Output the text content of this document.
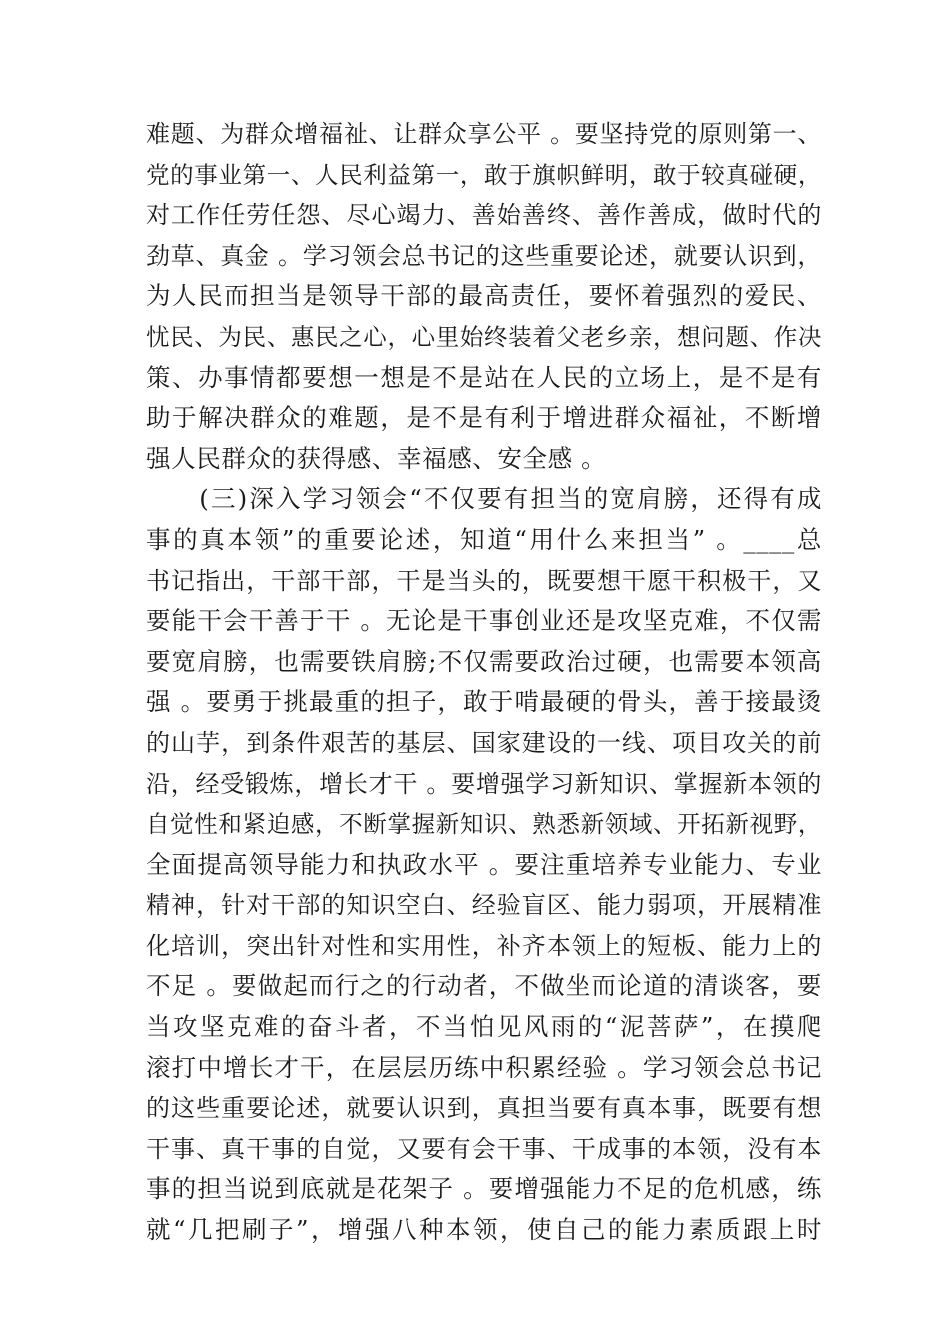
难题、为群众增福祉、让群众享公平 。要坚持党的原则第一、
党的事业第一、人民利益第一，敢于旗帜鲜明，敢于较真碰硬，
对工作任劳任怨、尽心竭力、善始善终、善作善成，做时代的
劲草、真金 。学习领会总书记的这些重要论述，就要认识到，
为人民而担当是领导干部的最高责任，要怀着强烈的爱民、
忧民、为民、惠民之心，心里始终装着父老乡亲，想问题、作决
策、办事情都要想一想是不是站在人民的立场上，是不是有
助于解决群众的难题，是不是有利于增进群众福祉，不断增
强人民群众的获得感、幸福感、安全感 。
　　(三)深入学习领会“不仅要有担当的宽肩膀，还得有成
事的真本领”的重要论述，知道“用什么来担当” 。____总
书记指出，干部干部，干是当头的，既要想干愿干积极干，又
要能干会干善于干 。无论是干事创业还是攻坚克难，不仅需
要宽肩膀，也需要铁肩膀;不仅需要政治过硬，也需要本领高
强 。要勇于挑最重的担子，敢于啃最硬的骨头，善于接最烫
的山芋，到条件艰苦的基层、国家建设的一线、项目攻关的前
沿，经受锻炼，增长才干 。要增强学习新知识、掌握新本领的
自觉性和紧迫感，不断掌握新知识、熟悉新领域、开拓新视野，
全面提高领导能力和执政水平 。要注重培养专业能力、专业
精神，针对干部的知识空白、经验盲区、能力弱项，开展精准
化培训，突出针对性和实用性，补齐本领上的短板、能力上的
不足 。要做起而行之的行动者，不做坐而论道的清谈客，要
当攻坚克难的奋斗者，不当怕见风雨的“泥菩萨”，在摸爬
滚打中增长才干，在层层历练中积累经验 。学习领会总书记
的这些重要论述，就要认识到，真担当要有真本事，既要有想
干事、真干事的自觉，又要有会干事、干成事的本领，没有本
事的担当说到底就是花架子 。要增强能力不足的危机感，练
就“几把刷子”，增强八种本领，使自己的能力素质跟上时
